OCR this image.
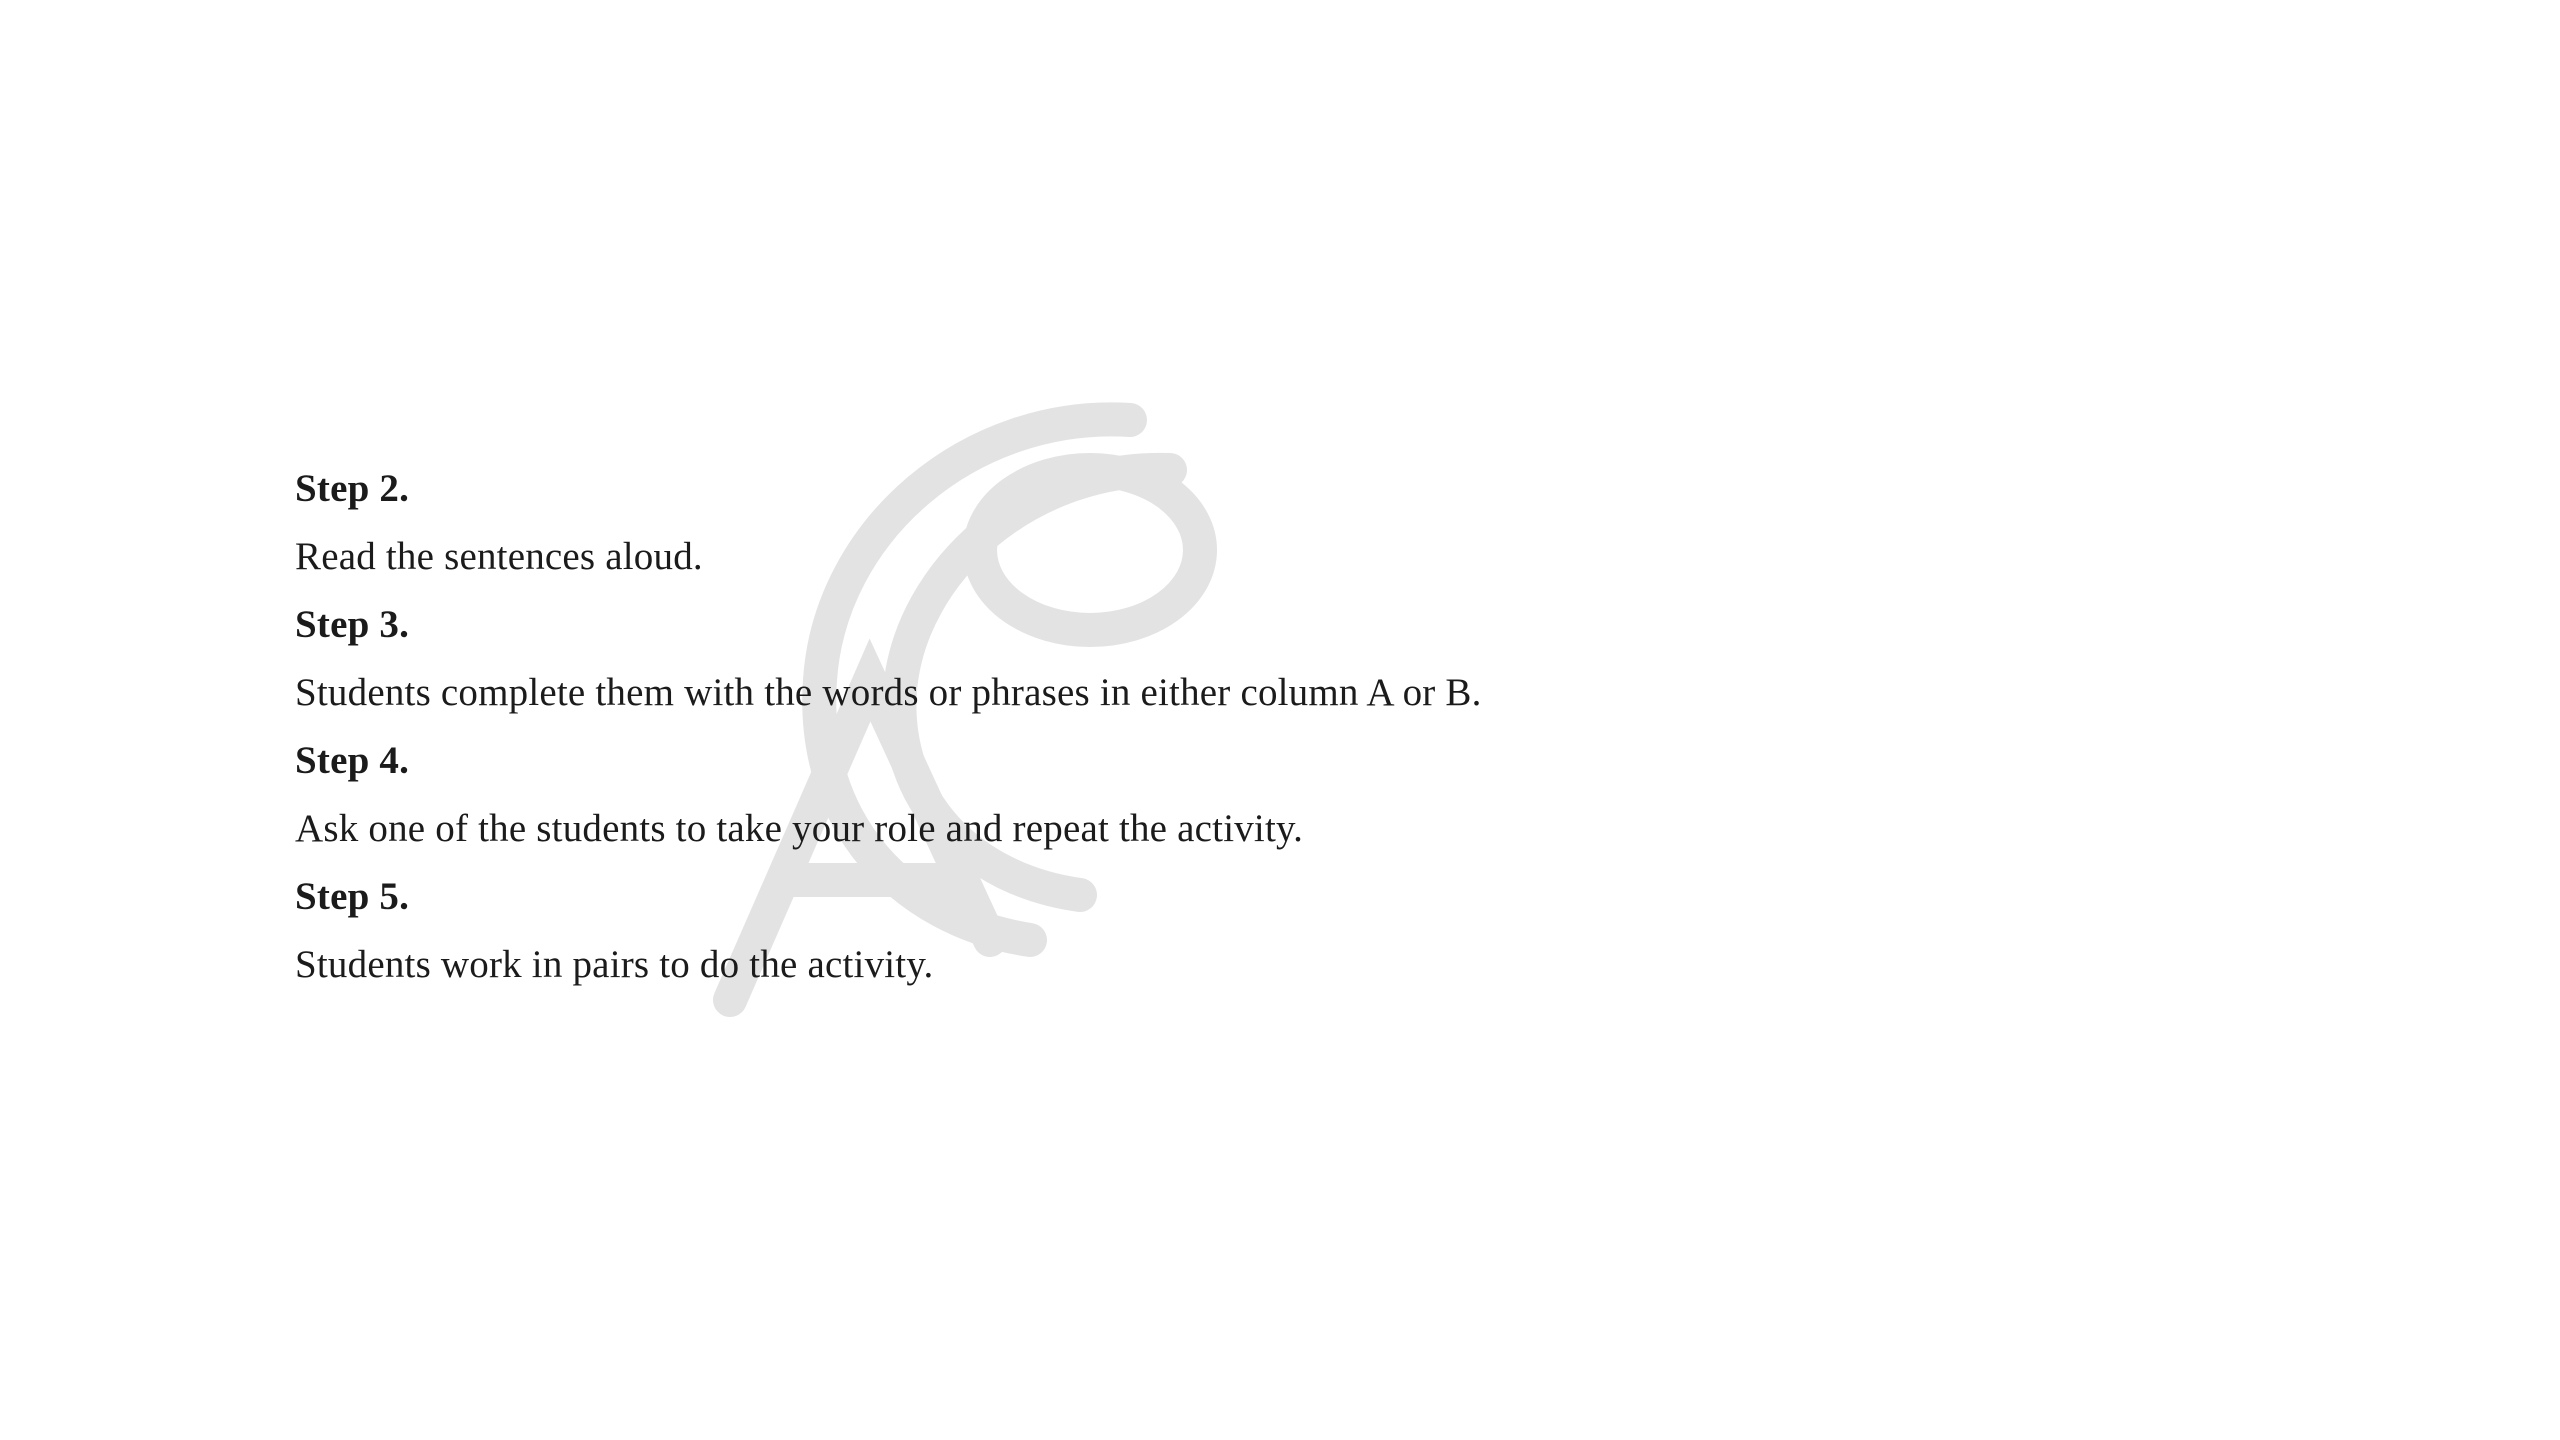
Step 2.
Read the sentences aloud.
Step 3.
Students complete them with the words or phrases in either column A or B.
Step 4.
Ask one of the students to take your role and repeat the activity.
Step 5.
Students work in pairs to do the activity.
